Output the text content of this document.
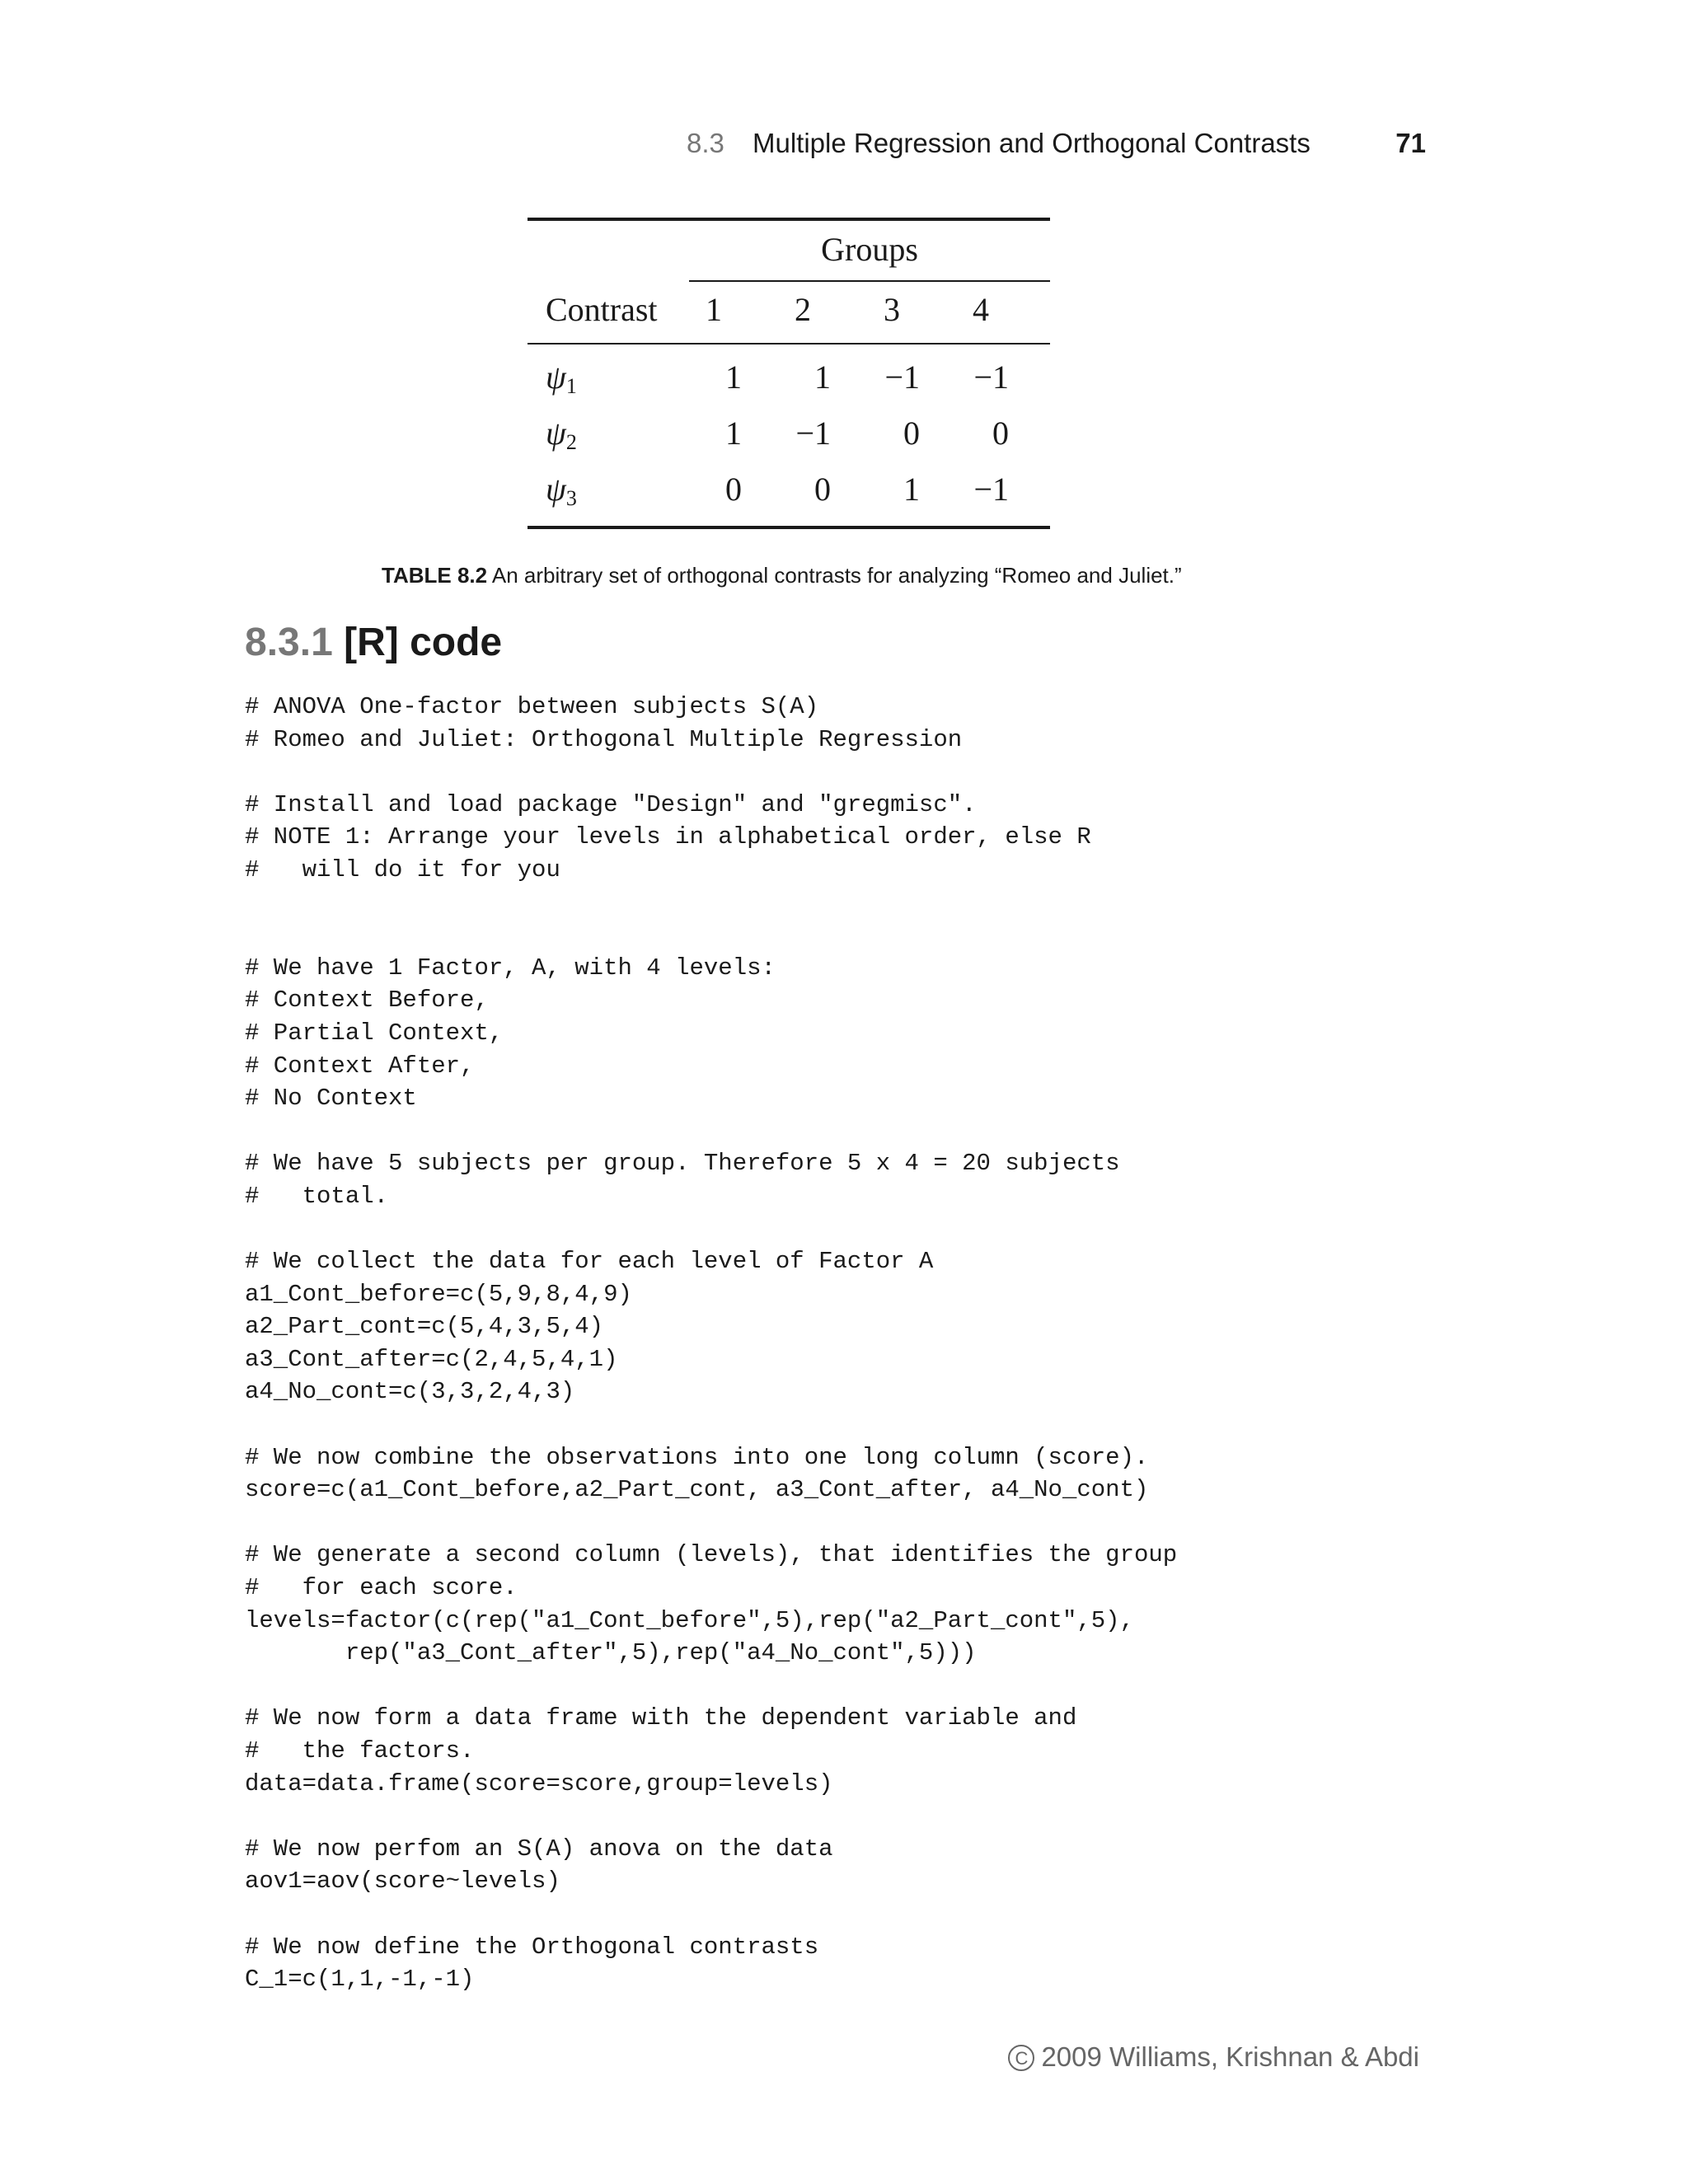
8.3 Multiple Regression and Orthogonal Contrasts	71
Groups
Contrast	1	2	3	4
$\psi_1$	1	1	−1	−1
$\psi_2$	1	−1	0	0
$\psi_3$	0	0	1	−1
TABLE 8.2 An arbitrary set of orthogonal contrasts for analyzing “Romeo and Juliet.”
8.3.1 [R] code
# ANOVA One-factor between subjects S(A)
# Romeo and Juliet: Orthogonal Multiple Regression
# Install and load package "Design" and "gregmisc".
# NOTE 1: Arrange your levels in alphabetical order, else R
#   will do it for you
# We have 1 Factor, A, with 4 levels:
# Context Before,
# Partial Context,
# Context After,
# No Context
# We have 5 subjects per group. Therefore 5 x 4 = 20 subjects
#   total.
# We collect the data for each level of Factor A
a1_Cont_before=c(5,9,8,4,9)
a2_Part_cont=c(5,4,3,5,4)
a3_Cont_after=c(2,4,5,4,1)
a4_No_cont=c(3,3,2,4,3)
# We now combine the observations into one long column (score).
score=c(a1_Cont_before,a2_Part_cont, a3_Cont_after, a4_No_cont)
# We generate a second column (levels), that identifies the group
#   for each score.
levels=factor(c(rep("a1_Cont_before",5),rep("a2_Part_cont",5),
rep("a3_Cont_after",5),rep("a4_No_cont",5)))
# We now form a data frame with the dependent variable and
#   the factors.
data=data.frame(score=score,group=levels)
# We now perfom an S(A) anova on the data
aov1=aov(score~levels)
# We now define the Orthogonal contrasts
C_1=c(1,1,-1,-1)
C 2009 Williams, Krishnan & Abdi
